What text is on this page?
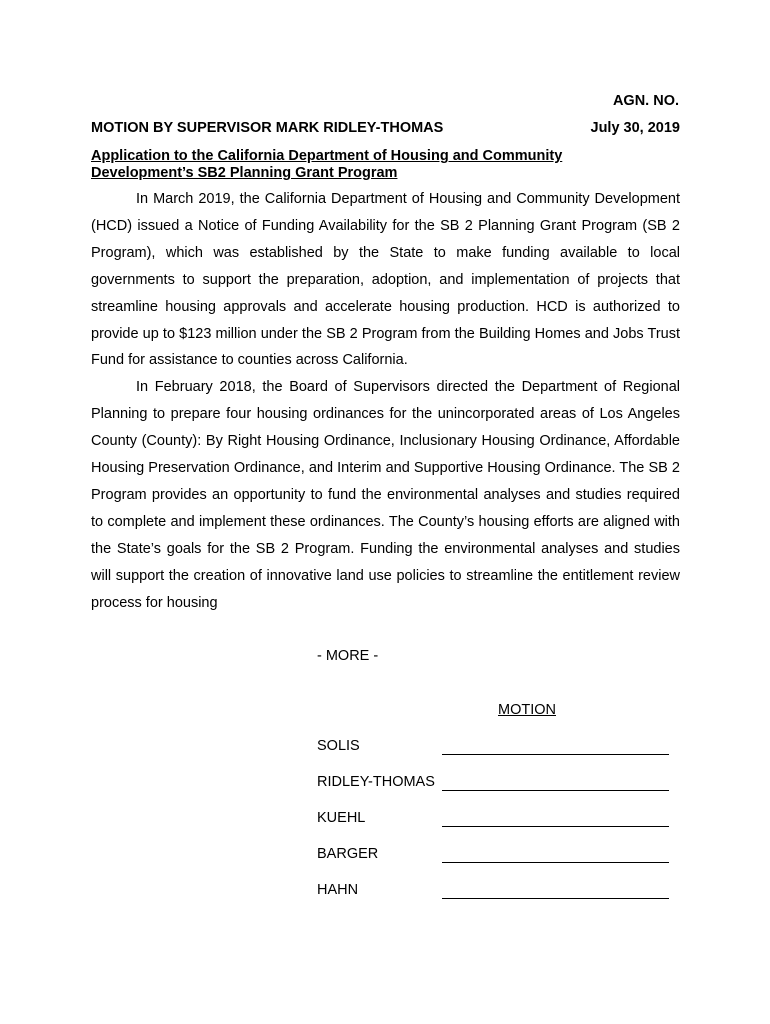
AGN. NO.
MOTION BY SUPERVISOR MARK RIDLEY-THOMAS	July 30, 2019
Application to the California Department of Housing and Community
Development’s SB2 Planning Grant Program

In March 2019, the California Department of Housing and Community Development (HCD) issued a Notice of Funding Availability for the SB 2 Planning Grant Program (SB 2 Program), which was established by the State to make funding available to local governments to support the preparation, adoption, and implementation of projects that streamline housing approvals and accelerate housing production. HCD is authorized to provide up to $123 million under the SB 2 Program from the Building Homes and Jobs Trust Fund for assistance to counties across California.

In February 2018, the Board of Supervisors directed the Department of Regional Planning to prepare four housing ordinances for the unincorporated areas of Los Angeles County (County): By Right Housing Ordinance, Inclusionary Housing Ordinance, Affordable Housing Preservation Ordinance, and Interim and Supportive Housing Ordinance. The SB 2 Program provides an opportunity to fund the environmental analyses and studies required to complete and implement these ordinances. The County’s housing efforts are aligned with the State’s goals for the SB 2 Program. Funding the environmental analyses and studies will support the creation of innovative land use policies to streamline the entitlement review process for housing

- MORE -
MOTION
SOLIS
RIDLEY-THOMAS
KUEHL
BARGER
HAHN
